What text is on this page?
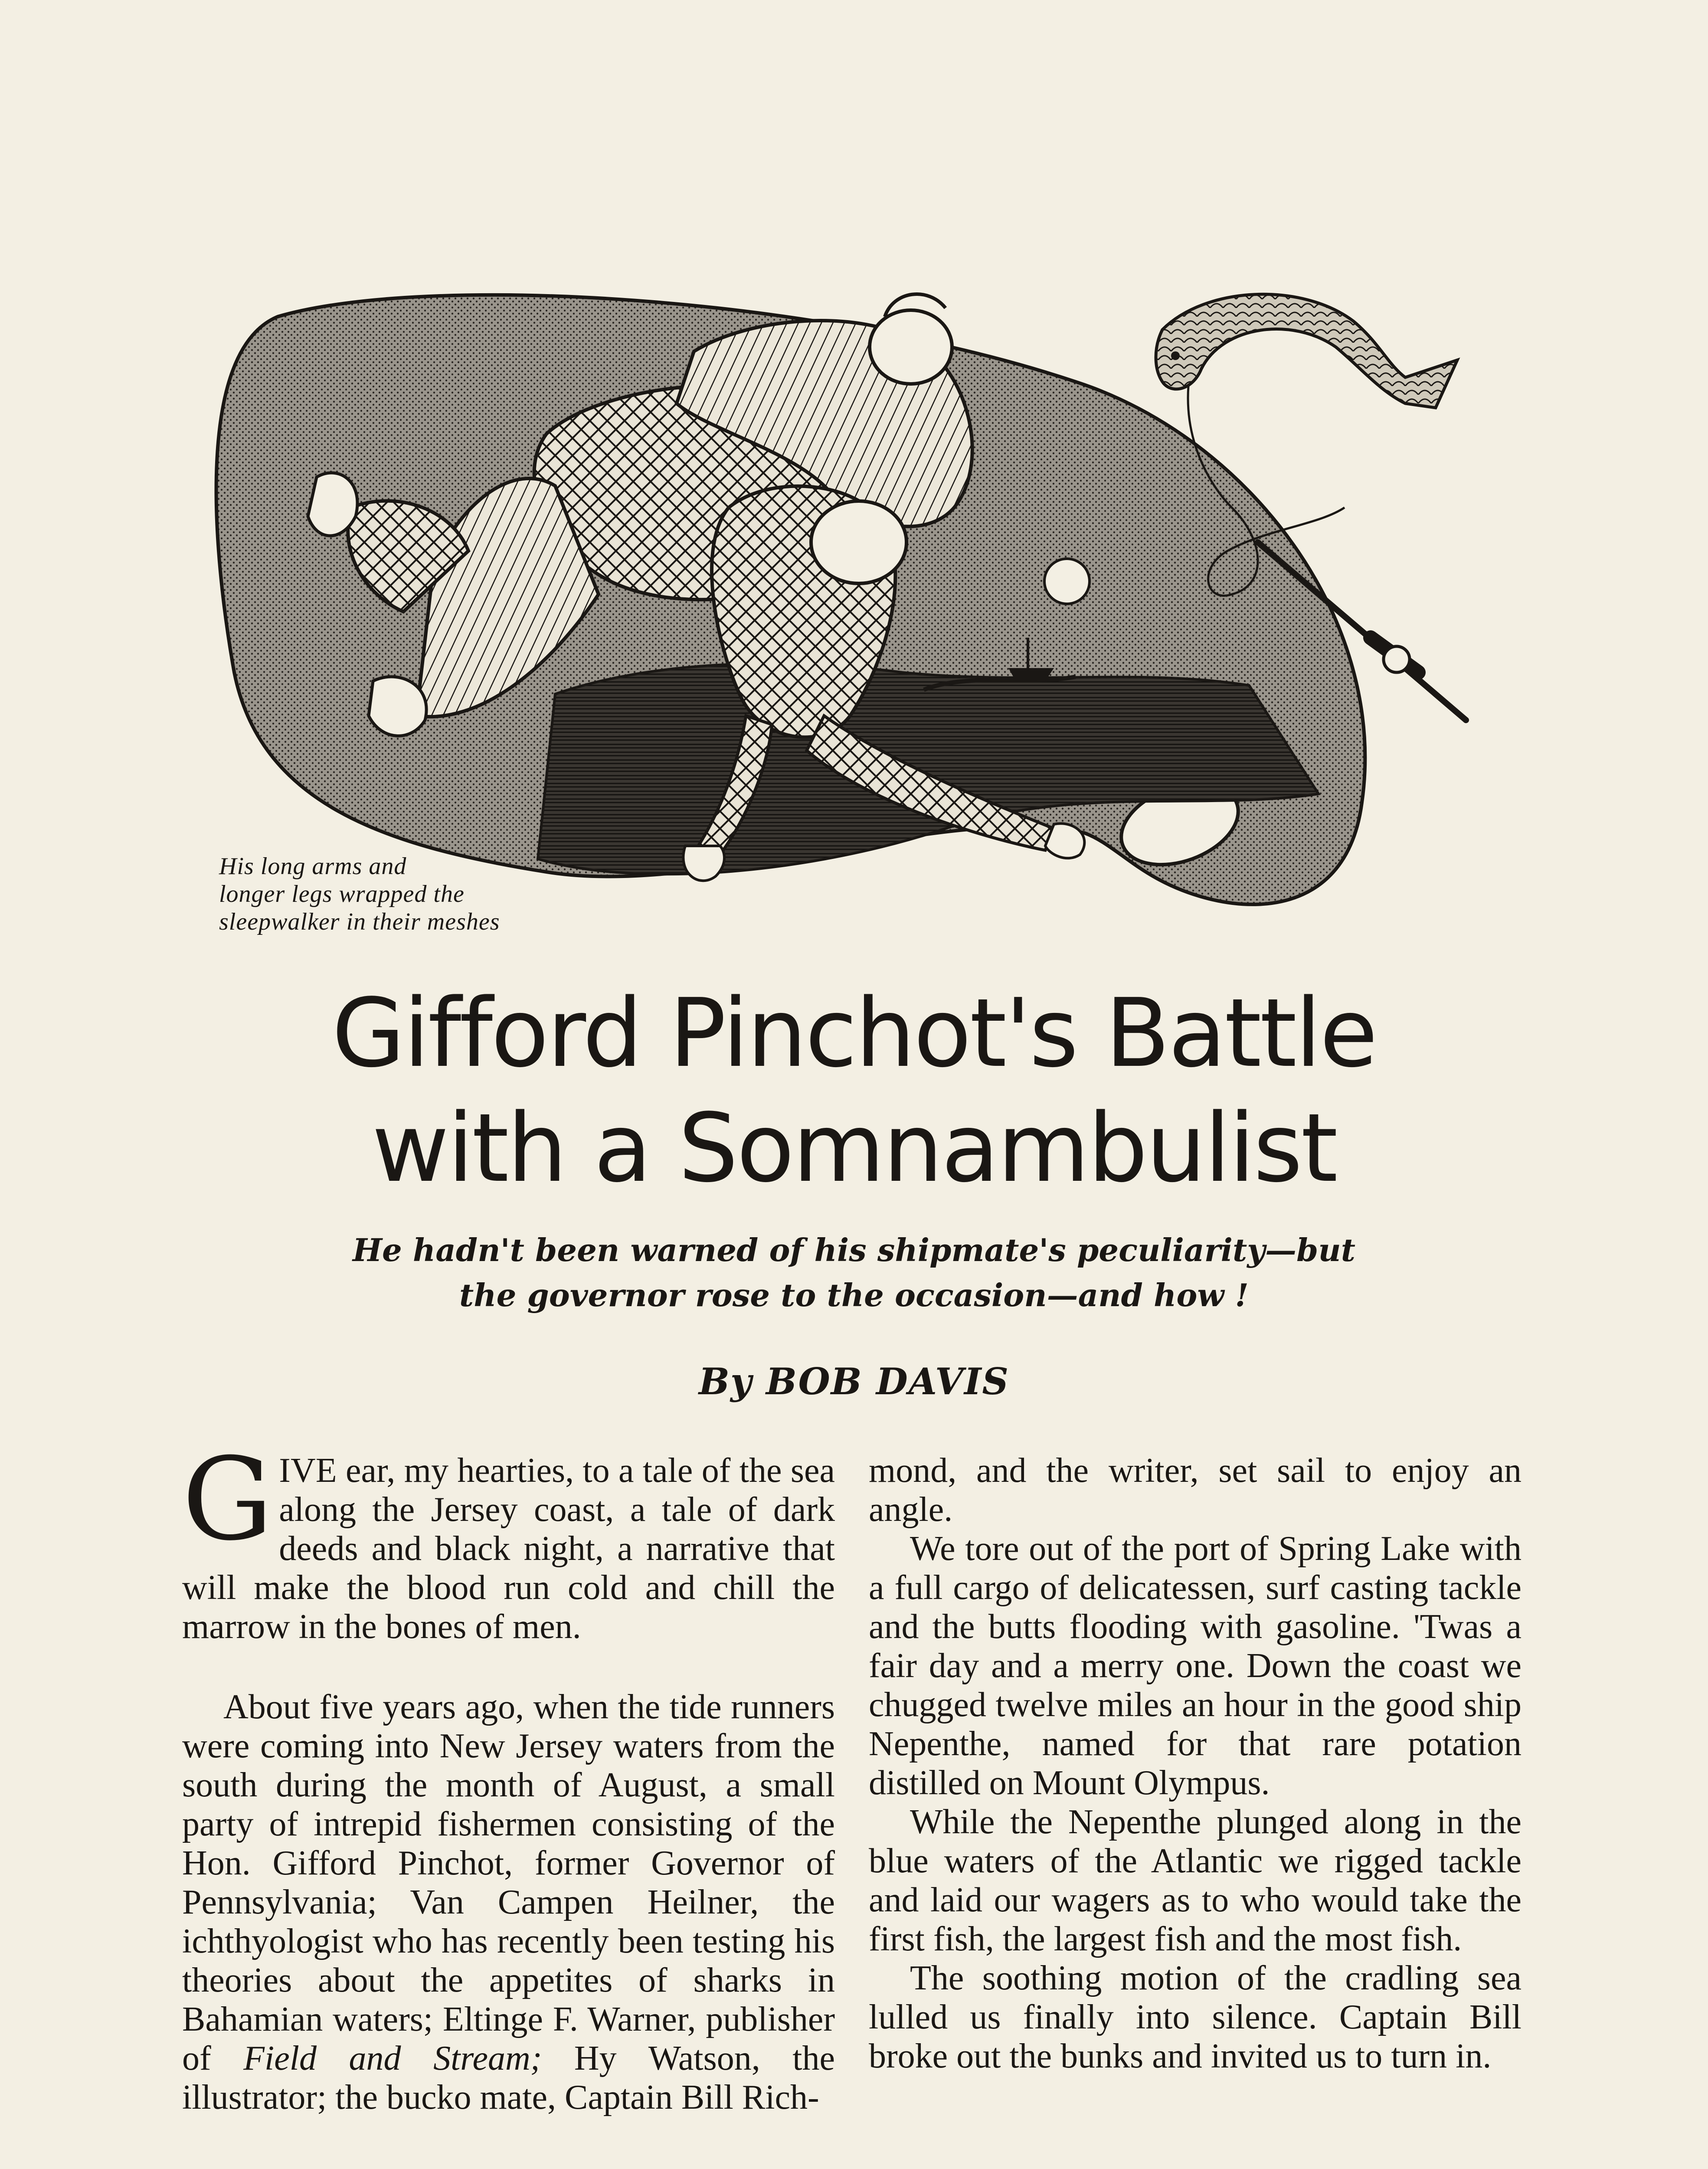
His long arms and
longer legs wrapped the
sleepwalker in their meshes
Gifford Pinchot's Battle
with a Somnambulist
He hadn't been warned of his shipmate's peculiarity—but
the governor rose to the occasion—and how !
By BOB DAVIS

GIVE ear, my hearties, to a tale of the sea along the Jersey coast, a tale of dark deeds and black night, a narrative that will make the blood run cold and chill the marrow in the bones of men.

About five years ago, when the tide runners were coming into New Jersey waters from the south during the month of August, a small party of intrepid fishermen consisting of the Hon. Gifford Pinchot, former Governor of Pennsylvania; Van Campen Heilner, the ichthyologist who has recently been testing his theories about the appetites of sharks in Bahamian waters; Eltinge F. Warner, publisher of Field and Stream; Hy Watson, the illustrator; the bucko mate, Captain Bill Rich-

mond, and the writer, set sail to enjoy an angle.

We tore out of the port of Spring Lake with a full cargo of delicatessen, surf casting tackle and the butts flooding with gasoline. 'Twas a fair day and a merry one. Down the coast we chugged twelve miles an hour in the good ship Nepenthe, named for that rare potation distilled on Mount Olympus.

While the Nepenthe plunged along in the blue waters of the Atlantic we rigged tackle and laid our wagers as to who would take the first fish, the largest fish and the most fish.

The soothing motion of the cradling sea lulled us finally into silence. Captain Bill broke out the bunks and invited us to turn in.
